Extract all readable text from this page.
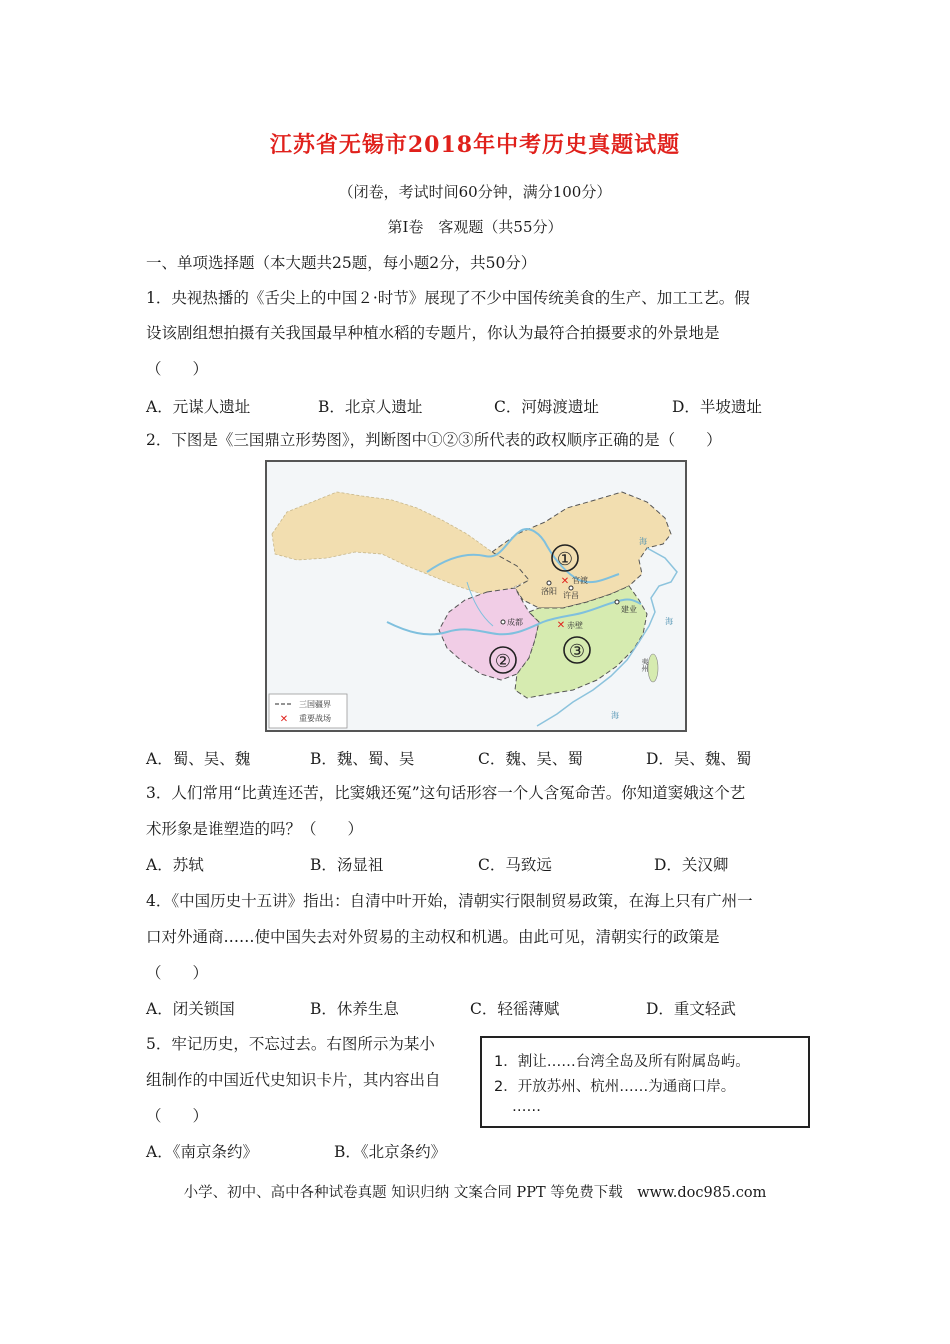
江苏省无锡市2018年中考历史真题试题
（闭卷，考试时间60分钟，满分100分）
第Ⅰ卷　客观题（共55分）
一、单项选择题（本大题共25题，每小题2分，共50分）
1．央视热播的《舌尖上的中国２·时节》展现了不少中国传统美食的生产、加工工艺。假
设该剧组想拍摄有关我国最早种植水稻的专题片，你认为最符合拍摄要求的外景地是
（　　）
A．元谋人遗址	B．北京人遗址	C．河姆渡遗址	D．半坡遗址
2．下图是《三国鼎立形势图》，判断图中①②③所代表的政权顺序正确的是（　　）
①
②	③
✕ 官渡
洛阳 许昌
成都
建业
✕ 赤壁
海
海
海
夷州
三国疆界
✕ 重要战场
A．蜀、吴、魏	B．魏、蜀、吴	C．魏、吴、蜀	D．吴、魏、蜀
3．人们常用“比黄连还苦，比窦娥还冤”这句话形容一个人含冤命苦。你知道窦娥这个艺
术形象是谁塑造的吗？（　　）
A．苏轼	B．汤显祖	C．马致远	D．关汉卿
4．《中国历史十五讲》指出：自清中叶开始，清朝实行限制贸易政策，在海上只有广州一
口对外通商……使中国失去对外贸易的主动权和机遇。由此可见，清朝实行的政策是
（　　）
A．闭关锁国	B．休养生息	C．轻徭薄赋	D．重文轻武
5．牢记历史，不忘过去。右图所示为某小
组制作的中国近代史知识卡片，其内容出自
（　　）
1．割让……台湾全岛及所有附属岛屿。
2．开放苏州、杭州……为通商口岸。
……
A．《南京条约》	B．《北京条约》
小学、初中、高中各种试卷真题 知识归纳 文案合同 PPT 等免费下载　www.doc985.com
